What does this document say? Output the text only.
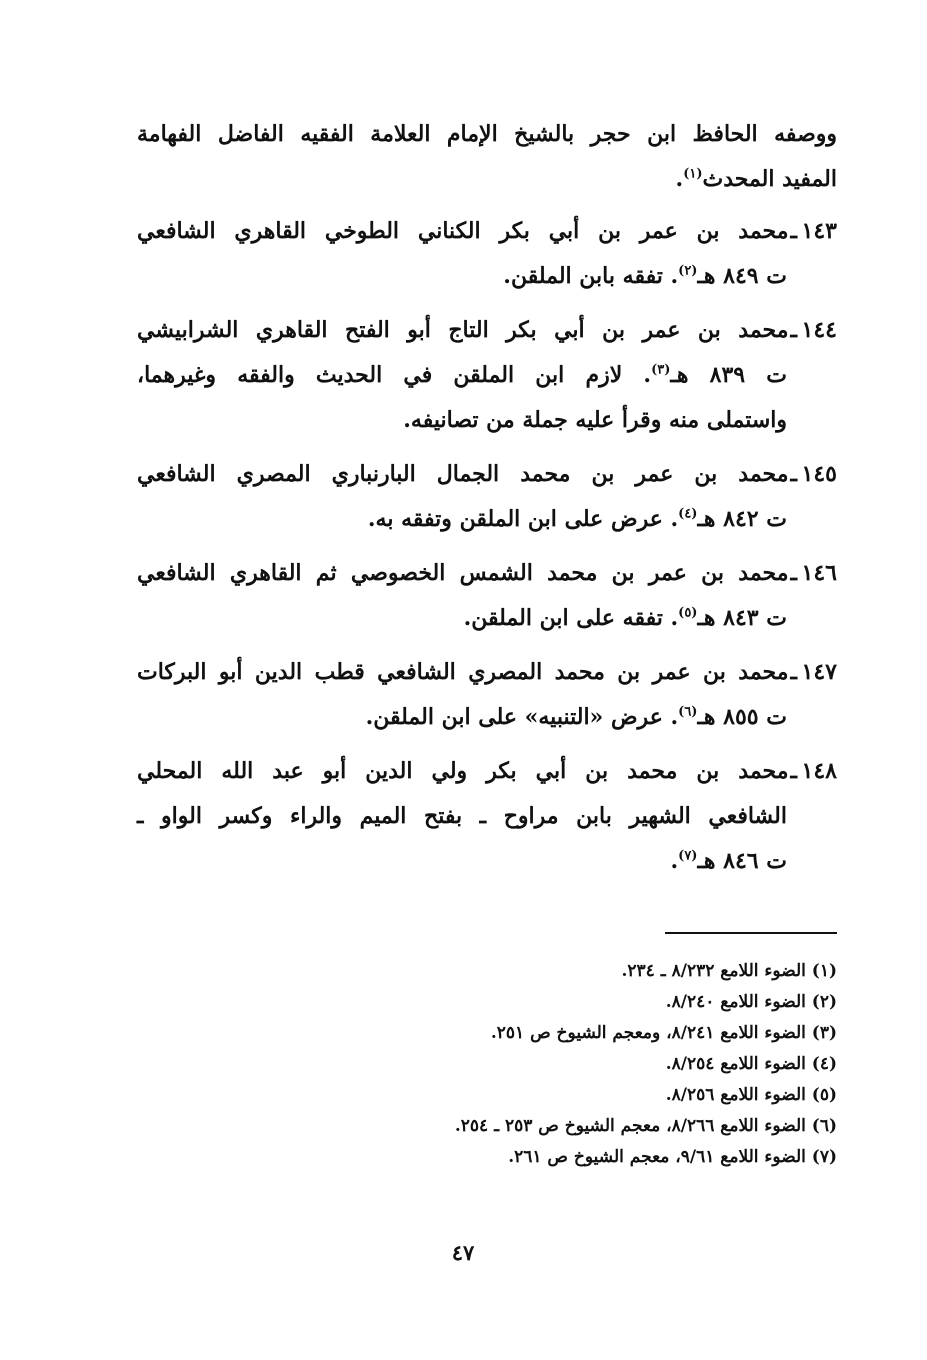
ووصفه الحافظ ابن حجر بالشيخ الإمام العلامة الفقيه الفاضل الفهامة
المفيد المحدث$^{(١)}$.

١٤٣ـمحمد بن عمر بن أبي بكر الكناني الطوخي القاهري الشافعي
ت ٨٤٩ هـ$^{(٢)}$. تفقه بابن الملقن.
١٤٤ـمحمد بن عمر بن أبي بكر التاج أبو الفتح القاهري الشرابيشي
ت ٨٣٩ هـ$^{(٣)}$. لازم ابن الملقن في الحديث والفقه وغيرهما،
واستملى منه وقرأ عليه جملة من تصانيفه.
١٤٥ـمحمد بن عمر بن محمد الجمال البارنباري المصري الشافعي
ت ٨٤٢ هـ$^{(٤)}$. عرض على ابن الملقن وتفقه به.
١٤٦ـمحمد بن عمر بن محمد الشمس الخصوصي ثم القاهري الشافعي
ت ٨٤٣ هـ$^{(٥)}$. تفقه على ابن الملقن.
١٤٧ـمحمد بن عمر بن محمد المصري الشافعي قطب الدين أبو البركات
ت ٨٥٥ هـ$^{(٦)}$. عرض «التنبيه» على ابن الملقن.
١٤٨ـمحمد بن محمد بن أبي بكر ولي الدين أبو عبد الله المحلي
الشافعي الشهير بابن مراوح ـ بفتح الميم والراء وكسر الواو ـ
ت ٨٤٦ هـ$^{(٧)}$.
(١) الضوء اللامع ٨/٢٣٢ ـ ٢٣٤.
(٢) الضوء اللامع ٨/٢٤٠.
(٣) الضوء اللامع ٨/٢٤١، ومعجم الشيوخ ص ٢٥١.
(٤) الضوء اللامع ٨/٢٥٤.
(٥) الضوء اللامع ٨/٢٥٦.
(٦) الضوء اللامع ٨/٢٦٦، معجم الشيوخ ص ٢٥٣ ـ ٢٥٤.
(٧) الضوء اللامع ٩/٦١، معجم الشيوخ ص ٢٦١.
٤٧
